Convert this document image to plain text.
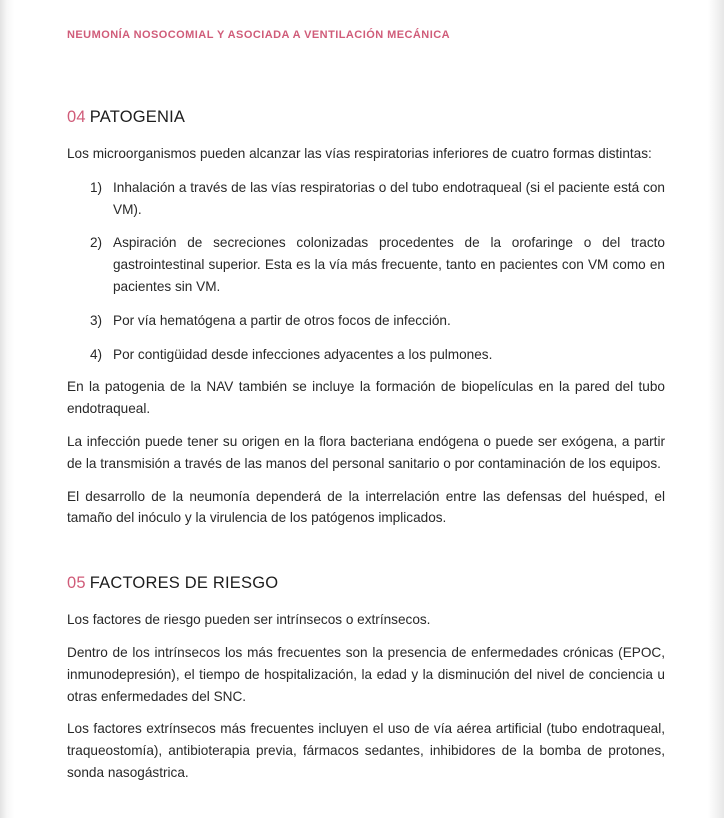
NEUMONÍA NOSOCOMIAL Y ASOCIADA A VENTILACIÓN MECÁNICA
04 PATOGENIA

Los microorganismos pueden alcanzar las vías respiratorias inferiores de cuatro formas distintas:

1) Inhalación a través de las vías respiratorias o del tubo endotraqueal (si el paciente está con VM).
2) Aspiración de secreciones colonizadas procedentes de la orofaringe o del tracto gastrointestinal superior. Esta es la vía más frecuente, tanto en pacientes con VM como en pacientes sin VM.
3) Por vía hematógena a partir de otros focos de infección.
4) Por contigüidad desde infecciones adyacentes a los pulmones.

En la patogenia de la NAV también se incluye la formación de biopelículas en la pared del tubo endotraqueal.

La infección puede tener su origen en la flora bacteriana endógena o puede ser exógena, a partir de la transmisión a través de las manos del personal sanitario o por contaminación de los equipos.

El desarrollo de la neumonía dependerá de la interrelación entre las defensas del huésped, el tamaño del inóculo y la virulencia de los patógenos implicados.

05 FACTORES DE RIESGO

Los factores de riesgo pueden ser intrínsecos o extrínsecos.

Dentro de los intrínsecos los más frecuentes son la presencia de enfermedades crónicas (EPOC, inmunodepresión), el tiempo de hospitalización, la edad y la disminución del nivel de conciencia u otras enfermedades del SNC.

Los factores extrínsecos más frecuentes incluyen el uso de vía aérea artificial (tubo endotraqueal, traqueostomía), antibioterapia previa, fármacos sedantes, inhibidores de la bomba de protones, sonda nasogástrica.
